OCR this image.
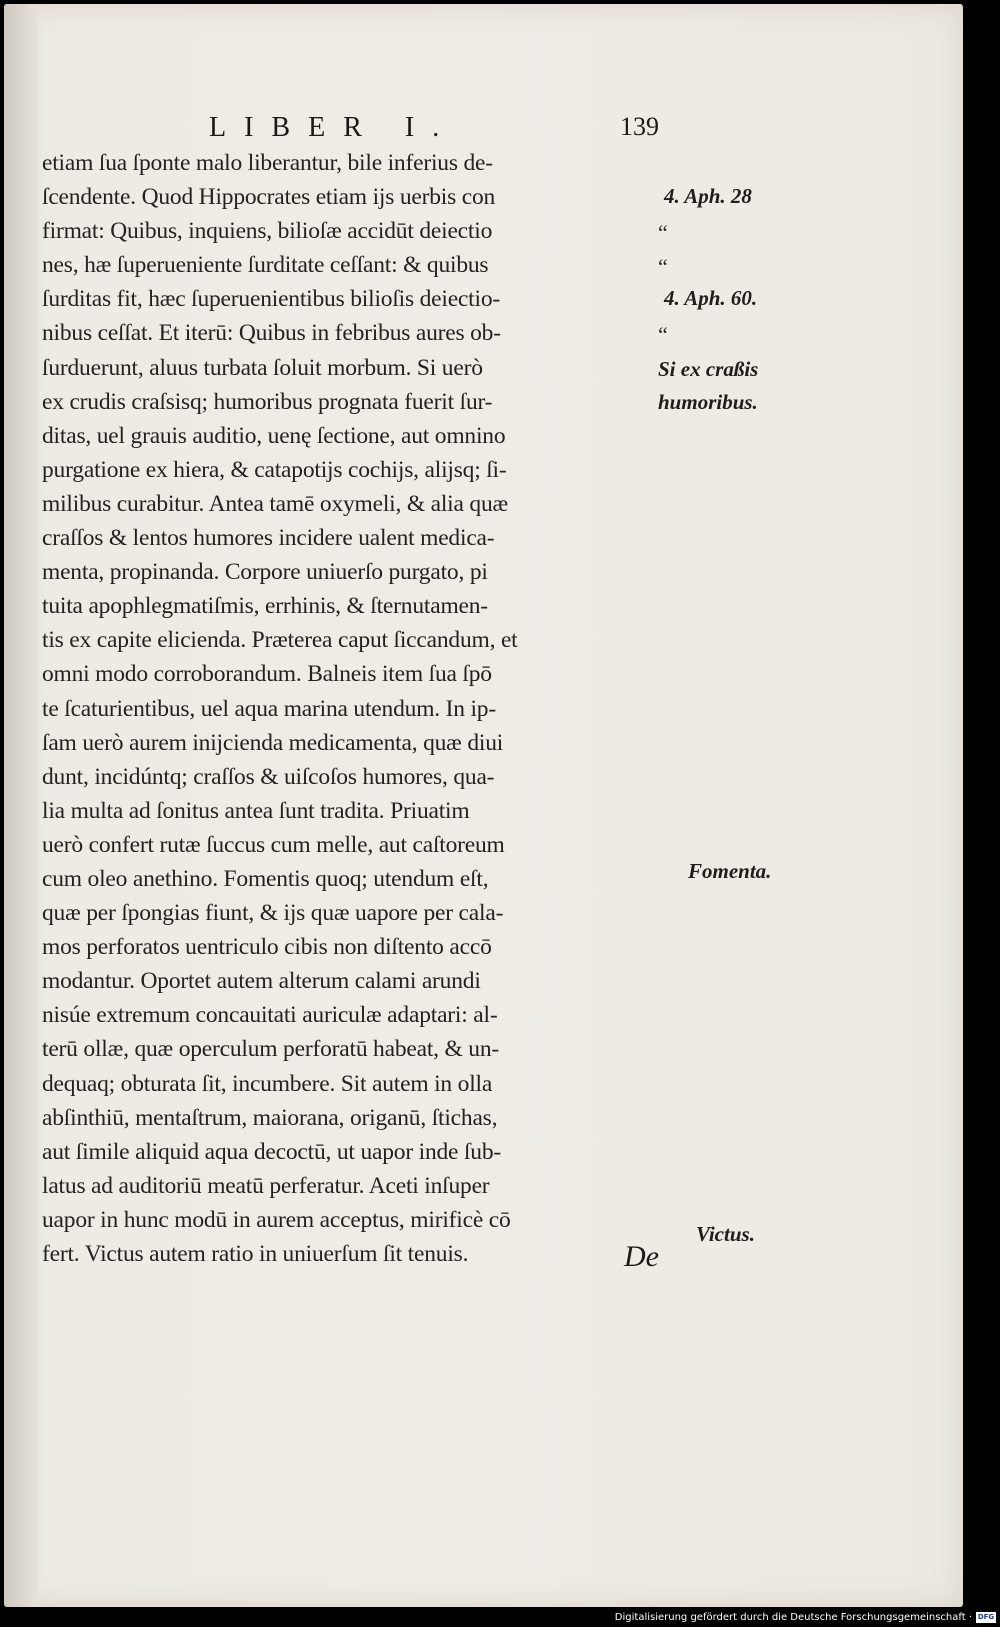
LIBER I.	139
etiam ſua ſponte malo liberantur, bile inferius de-
ſcendente. Quod Hippocrates etiam ijs uerbis con
firmat: Quibus, inquiens, bilioſæ accidūt deiectio
nes, hæ ſuperueniente ſurditate ceſſant: & quibus
ſurditas fit, hæc ſuperuenientibus bilioſis deiectio-
nibus ceſſat. Et iterū: Quibus in febribus aures ob-
ſurduerunt, aluus turbata ſoluit morbum. Si uerò
ex crudis craſsisq; humoribus prognata fuerit ſur-
ditas, uel grauis auditio, uenę ſectione, aut omnino
purgatione ex hiera, & catapotijs cochijs, alijsq; ſi-
milibus curabitur. Antea tamē oxymeli, & alia quæ
craſſos & lentos humores incidere ualent medica-
menta, propinanda. Corpore uniuerſo purgato, pi
tuita apophlegmatiſmis, errhinis, & ſternutamen-
tis ex capite elicienda. Præterea caput ſiccandum, et
omni modo corroborandum. Balneis item ſua ſpō
te ſcaturientibus, uel aqua marina utendum. In ip-
ſam uerò aurem inijcienda medicamenta, quæ diui
dunt, incidúntq; craſſos & uiſcoſos humores, qua-
lia multa ad ſonitus antea ſunt tradita. Priuatim
uerò confert rutæ ſuccus cum melle, aut caſtoreum
cum oleo anethino. Fomentis quoq; utendum eſt,
quæ per ſpongias fiunt, & ijs quæ uapore per cala-
mos perforatos uentriculo cibis non diſtento accō
modantur. Oportet autem alterum calami arundi
nisúe extremum concauitati auriculæ adaptari: al-
terū ollæ, quæ operculum perforatū habeat, & un-
dequaq; obturata ſit, incumbere. Sit autem in olla
abſinthiū, mentaſtrum, maiorana, origanū, ſtichas,
aut ſimile aliquid aqua decoctū, ut uapor inde ſub-
latus ad auditoriū meatū perferatur. Aceti inſuper
uapor in hunc modū in aurem acceptus, mirificè cō
fert. Victus autem ratio in uniuerſum ſit tenuis.
4. Aph. 28
“
“
4. Aph. 60.
“
Si ex craßis
humoribus.
Fomenta.
Victus.
De
Digitalisierung gefördert durch die Deutsche Forschungsgemeinschaft · DFG
